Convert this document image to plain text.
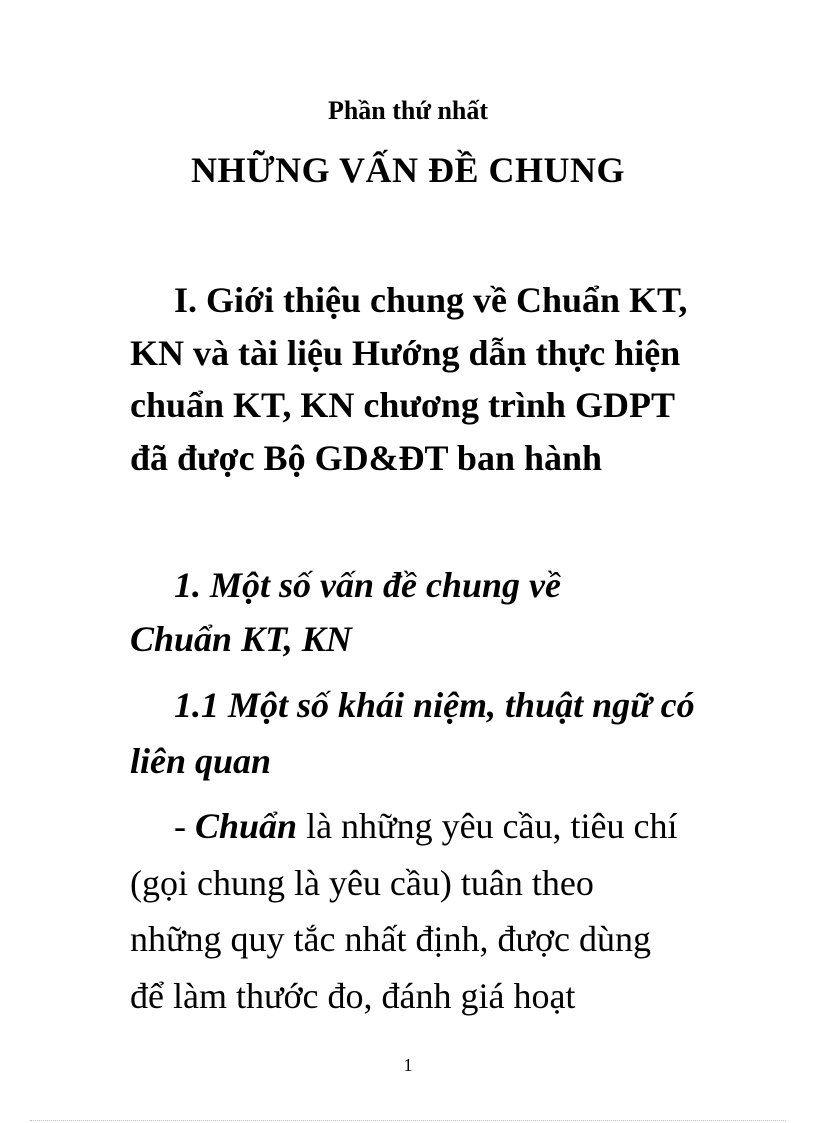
Phần thứ nhất
NHỮNG VẤN ĐỀ CHUNG

I. Giới thiệu chung về Chuẩn KT, KN và tài liệu Hướng dẫn thực hiện chuẩn KT, KN chương trình GDPT đã được Bộ GD&ĐT ban hành

1. Một số vấn đề chung về Chuẩn KT, KN

1.1 Một số khái niệm, thuật ngữ có liên quan

- Chuẩn là những yêu cầu, tiêu chí (gọi chung là yêu cầu) tuân theo những quy tắc nhất định, được dùng để làm thước đo, đánh giá hoạt

1
